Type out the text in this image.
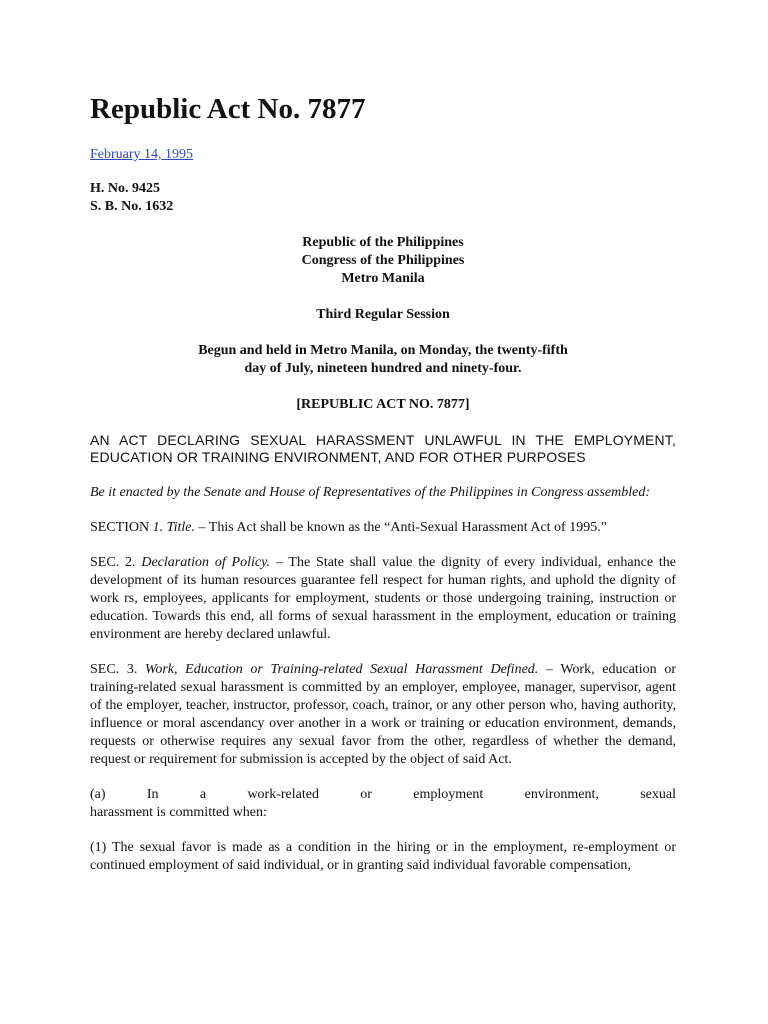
Republic Act No. 7877
February 14, 1995
H. No. 9425
S. B. No. 1632
Republic of the Philippines
Congress of the Philippines
Metro Manila
Third Regular Session
Begun and held in Metro Manila, on Monday, the twenty-fifth
day of July, nineteen hundred and ninety-four.
[REPUBLIC ACT NO. 7877]
AN ACT DECLARING SEXUAL HARASSMENT UNLAWFUL IN THE EMPLOYMENT, EDUCATION OR TRAINING ENVIRONMENT, AND FOR OTHER PURPOSES
Be it enacted by the Senate and House of Representatives of the Philippines in Congress assembled:
SECTION 1. Title. – This Act shall be known as the “Anti-Sexual Harassment Act of 1995.”
SEC. 2. Declaration of Policy. – The State shall value the dignity of every individual, enhance the development of its human resources guarantee fell respect for human rights, and uphold the dignity of work rs, employees, applicants for employment, students or those undergoing training, instruction or education. Towards this end, all forms of sexual harassment in the employment, education or training environment are hereby declared unlawful.
SEC. 3. Work, Education or Training-related Sexual Harassment Defined. – Work, education or training-related sexual harassment is committed by an employer, employee, manager, supervisor, agent of the employer, teacher, instructor, professor, coach, trainor, or any other person who, having authority, influence or moral ascendancy over another in a work or training or education environment, demands, requests or otherwise requires any sexual favor from the other, regardless of whether the demand, request or requirement for submission is accepted by the object of said Act.
(a) In a work-related or employment environment, sexual
harassment is committed when:
(1) The sexual favor is made as a condition in the hiring or in the employment, re-employment or continued employment of said individual, or in granting said individual favorable compensation,
